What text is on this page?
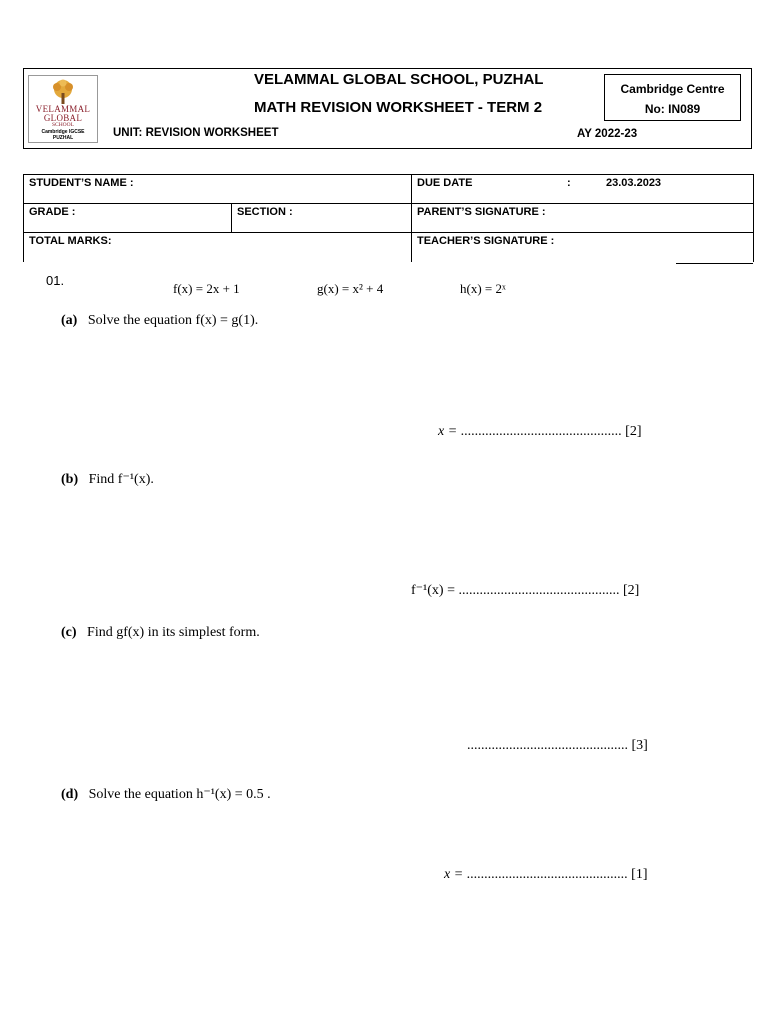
VELAMMAL
GLOBAL
SCHOOL
Cambridge IGCSE
PUZHAL
VELAMMAL GLOBAL SCHOOL, PUZHAL
MATH REVISION WORKSHEET - TERM 2
UNIT: REVISION WORKSHEET	AY 2022-23
Cambridge Centre
No: IN089
STUDENT’S NAME :		DUE DATE : 23.03.2023
GRADE :	SECTION :	PARENT’S SIGNATURE :
TOTAL MARKS:		TEACHER’S SIGNATURE :
01.
f(x) = 2x + 1	g(x) = x² + 4	h(x) = 2ˣ
(a) Solve the equation f(x) = g(1).
x = .............................................. [2]
(b) Find f⁻¹(x).
f⁻¹(x) = .............................................. [2]
(c) Find gf(x) in its simplest form.
.............................................. [3]
(d) Solve the equation h⁻¹(x) = 0.5 .
x = .............................................. [1]
